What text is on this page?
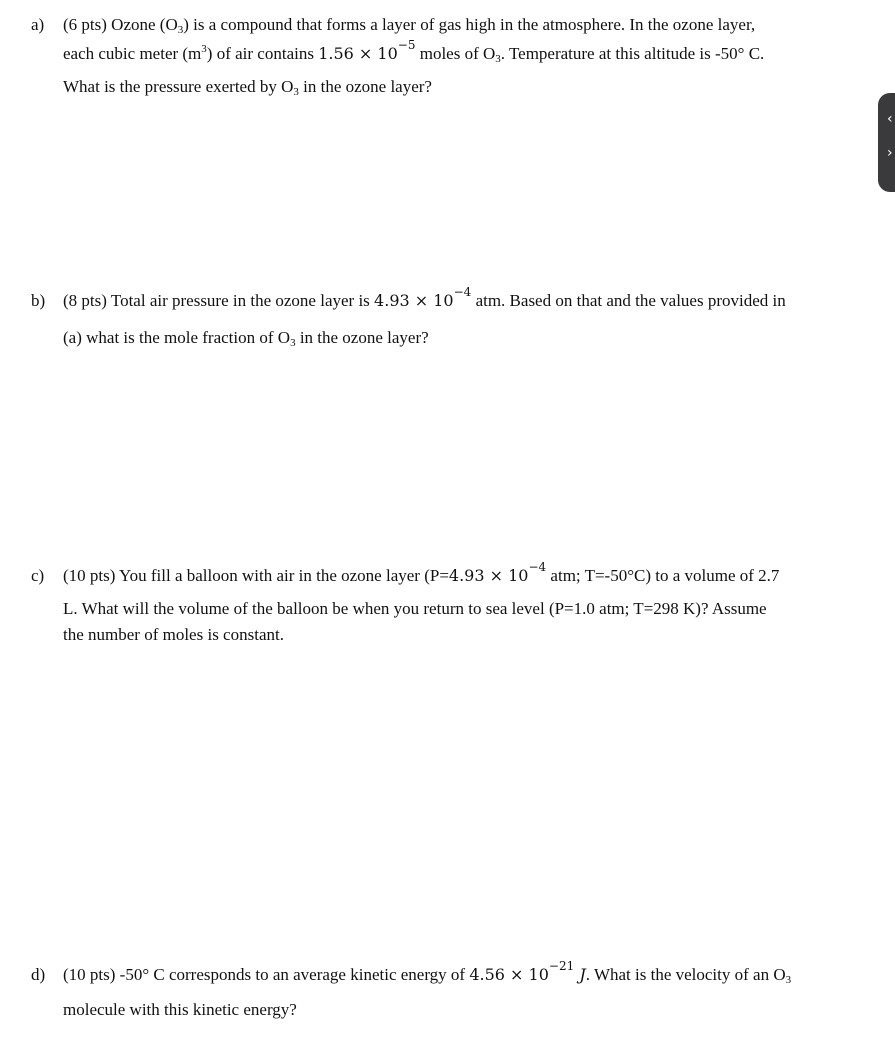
a) (6 pts) Ozone $(O_3)$ is a compound that forms a layer of gas high in the atmosphere. In the ozone layer,
each cubic meter $(m^3)$ of air contains $1.56 \times 10^{-5}$ moles of $O_3$. Temperature at this altitude is -50° C.
What is the pressure exerted by $O_3$ in the ozone layer?
‹
›
b) (8 pts) Total air pressure in the ozone layer is $4.93 \times 10^{-4}$ atm. Based on that and the values provided in
(a) what is the mole fraction of $O_3$ in the ozone layer?
c) (10 pts) You fill a balloon with air in the ozone layer ($P=4.93 \times 10^{-4}$ atm; T=-50°C) to a volume of 2.7
L. What will the volume of the balloon be when you return to sea level (P=1.0 atm; T=298 K)? Assume
the number of moles is constant.
d) (10 pts) -50° C corresponds to an average kinetic energy of $4.56 \times 10^{-21}$ J. What is the velocity of an $O_3$
molecule with this kinetic energy?
